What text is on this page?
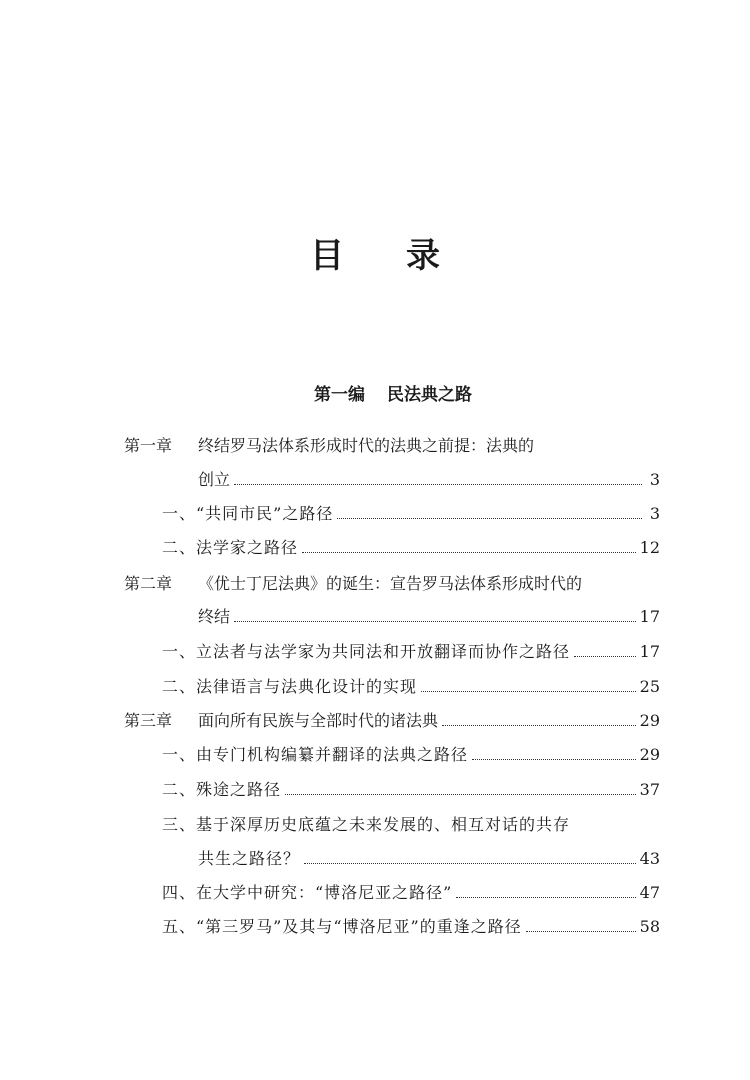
目 录
第一编 民法典之路
第一章 终结罗马法体系形成时代的法典之前提：法典的
创立	3
一、“共同市民”之路径	3
二、法学家之路径	12
第二章 《优士丁尼法典》的诞生：宣告罗马法体系形成时代的
终结	17
一、立法者与法学家为共同法和开放翻译而协作之路径	17
二、法律语言与法典化设计的实现	25
第三章 面向所有民族与全部时代的诸法典	29
一、由专门机构编纂并翻译的法典之路径	29
二、殊途之路径	37
三、基于深厚历史底蕴之未来发展的、相互对话的共存
共生之路径？	43
四、在大学中研究：“博洛尼亚之路径”	47
五、“第三罗马”及其与“博洛尼亚”的重逢之路径	58
